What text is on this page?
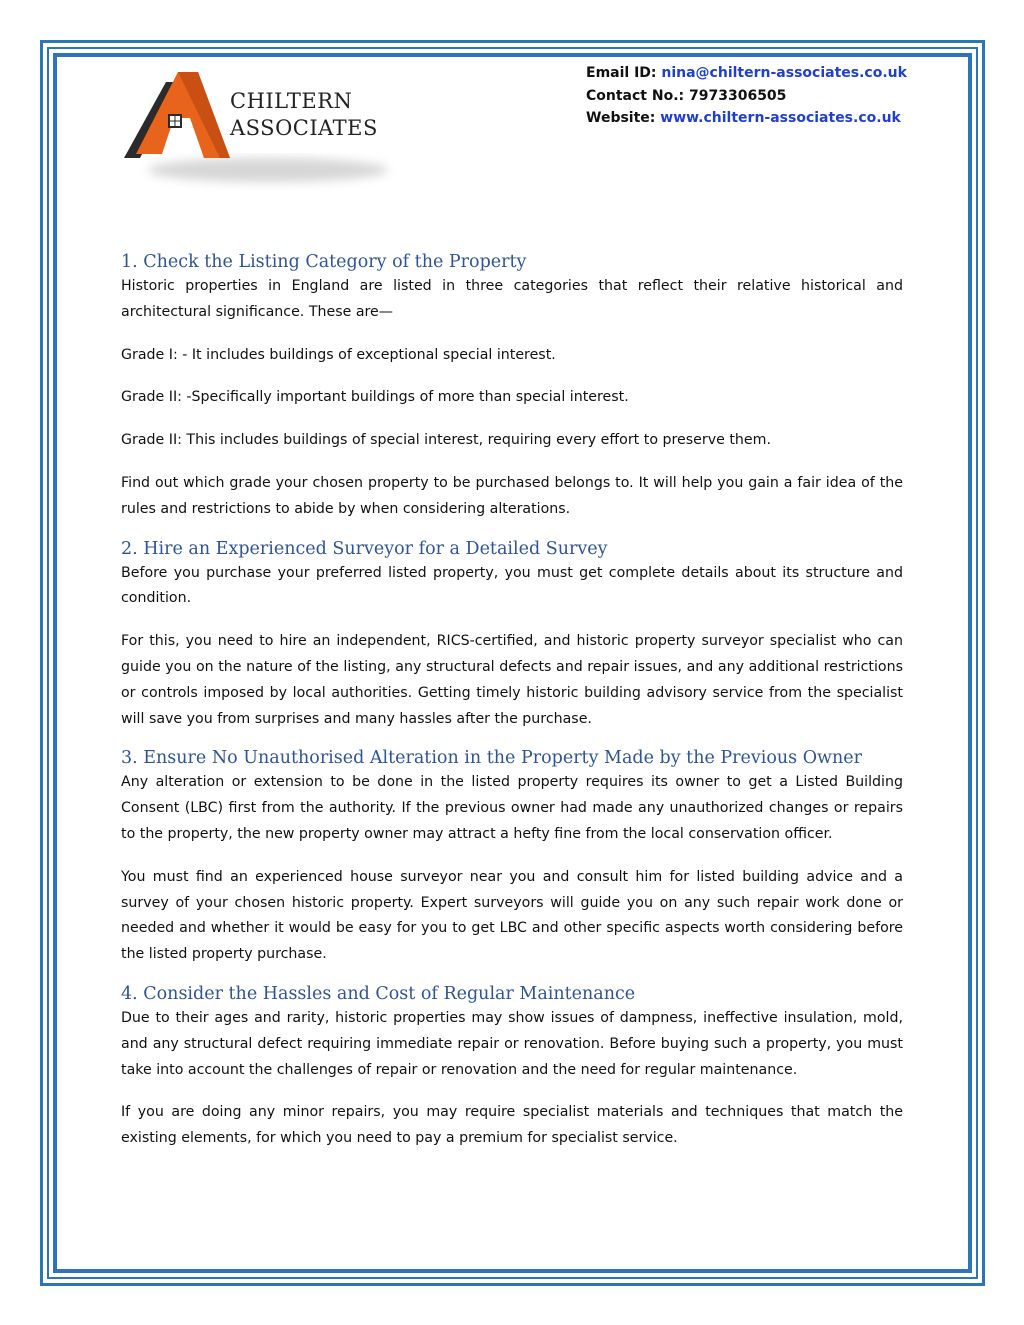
CHILTERN
ASSOCIATES
Email ID: nina@chiltern-associates.co.uk
Contact No.: 7973306505
Website: www.chiltern-associates.co.uk
1. Check the Listing Category of the Property

Historic properties in England are listed in three categories that reflect their relative historical and architectural significance. These are—

Grade I: - It includes buildings of exceptional special interest.

Grade II: -Specifically important buildings of more than special interest.

Grade II: This includes buildings of special interest, requiring every effort to preserve them.

Find out which grade your chosen property to be purchased belongs to. It will help you gain a fair idea of the rules and restrictions to abide by when considering alterations.

2. Hire an Experienced Surveyor for a Detailed Survey

Before you purchase your preferred listed property, you must get complete details about its structure and condition.

For this, you need to hire an independent, RICS-certified, and historic property surveyor specialist who can guide you on the nature of the listing, any structural defects and repair issues, and any additional restrictions or controls imposed by local authorities. Getting timely historic building advisory service from the specialist will save you from surprises and many hassles after the purchase.

3. Ensure No Unauthorised Alteration in the Property Made by the Previous Owner

Any alteration or extension to be done in the listed property requires its owner to get a Listed Building Consent (LBC) first from the authority. If the previous owner had made any unauthorized changes or repairs to the property, the new property owner may attract a hefty fine from the local conservation officer.

You must find an experienced house surveyor near you and consult him for listed building advice and a survey of your chosen historic property. Expert surveyors will guide you on any such repair work done or needed and whether it would be easy for you to get LBC and other specific aspects worth considering before the listed property purchase.

4. Consider the Hassles and Cost of Regular Maintenance

Due to their ages and rarity, historic properties may show issues of dampness, ineffective insulation, mold, and any structural defect requiring immediate repair or renovation. Before buying such a property, you must take into account the challenges of repair or renovation and the need for regular maintenance.

If you are doing any minor repairs, you may require specialist materials and techniques that match the existing elements, for which you need to pay a premium for specialist service.
